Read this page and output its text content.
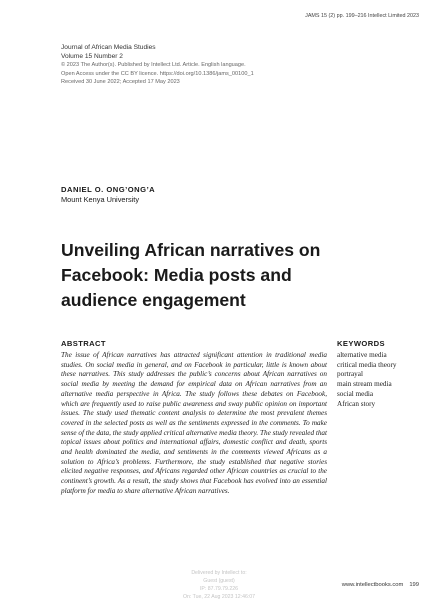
JAMS 15 (2) pp. 199–216 Intellect Limited 2023
Journal of African Media Studies
Volume 15 Number 2
© 2023 The Author(s). Published by Intellect Ltd. Article. English language.
Open Access under the CC BY licence. https://doi.org/10.1386/jams_00100_1
Received 30 June 2022; Accepted 17 May 2023
DANIEL O. ONG’ONG’A
Mount Kenya University
Unveiling African narratives on Facebook: Media posts and audience engagement
ABSTRACT

The issue of African narratives has attracted significant attention in traditional media studies. On social media in general, and on Facebook in particular, little is known about these narratives. This study addresses the public’s concerns about African narratives on social media by meeting the demand for empirical data on African narratives from an alternative media perspective in Africa. The study follows these debates on Facebook, which are frequently used to raise public awareness and sway public opinion on important issues. The study used thematic content analysis to determine the most prevalent themes covered in the selected posts as well as the sentiments expressed in the comments. To make sense of the data, the study applied critical alternative media theory. The study revealed that topical issues about politics and international affairs, domestic conflict and death, sports and health dominated the media, and sentiments in the comments viewed Africans as a solution to Africa’s problems. Furthermore, the study established that negative stories elicited negative responses, and Africans regarded other African countries as crucial to the continent’s growth. As a result, the study shows that Facebook has evolved into an essential platform for media to share alternative African narratives.

KEYWORDS
alternative media
critical media theory
portrayal
main stream media
social media
African story
Delivered by Intellect to:
Guest (guest)
IP: 87.79.79.226
On: Tue, 22 Aug 2023 12:46:07
www.intellectbooks.com 199
